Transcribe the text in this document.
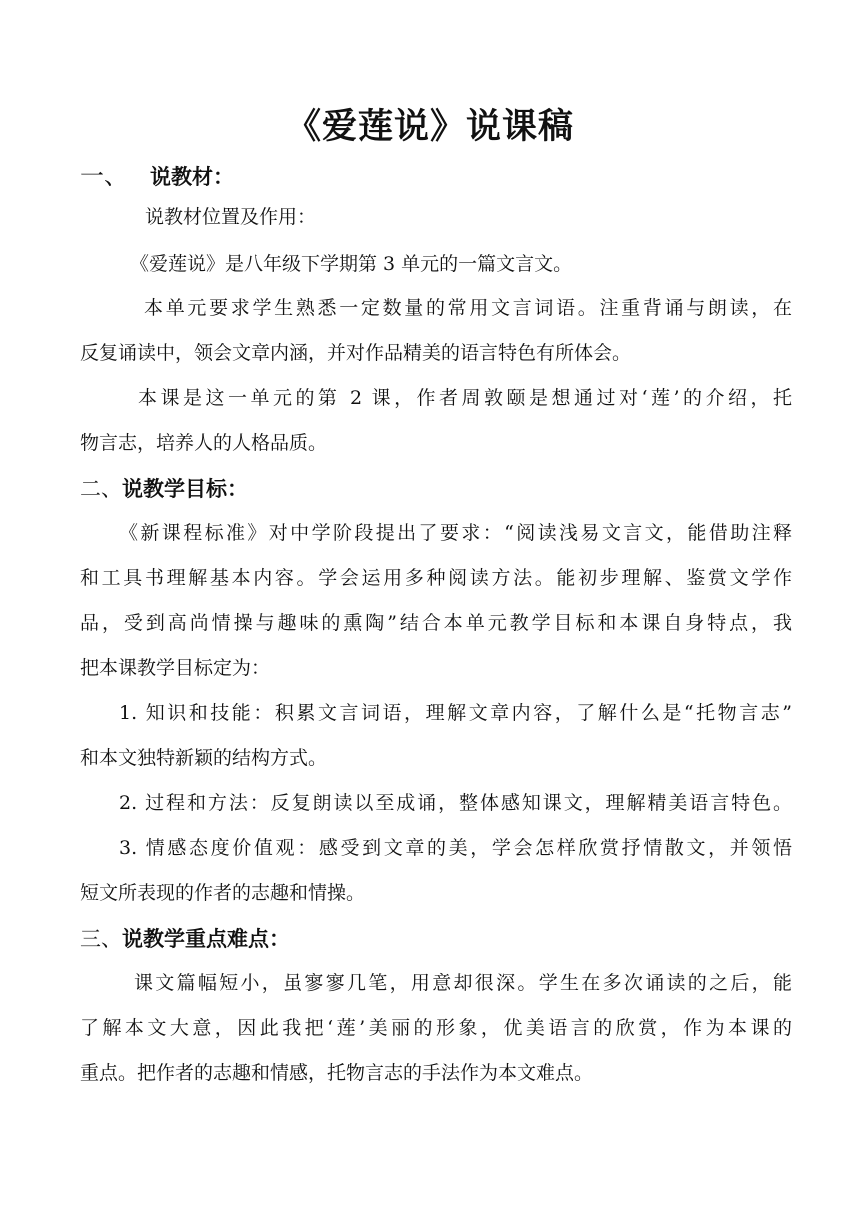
《爱莲说》说课稿
一、 说教材：
说教材位置及作用：
《爱莲说》是八年级下学期第 3 单元的一篇文言文。
本单元要求学生熟悉一定数量的常用文言词语。注重背诵与朗读，在
反复诵读中，领会文章内涵，并对作品精美的语言特色有所体会。
本课是这一单元的第 2 课，作者周敦颐是想通过对‘莲’的介绍，托
物言志，培养人的人格品质。
二、说教学目标：
《新课程标准》对中学阶段提出了要求：“阅读浅易文言文，能借助注释
和工具书理解基本内容。学会运用多种阅读方法。能初步理解、鉴赏文学作
品，受到高尚情操与趣味的熏陶”结合本单元教学目标和本课自身特点，我
把本课教学目标定为：
1. 知识和技能：积累文言词语，理解文章内容，了解什么是“托物言志”
和本文独特新颖的结构方式。
2. 过程和方法：反复朗读以至成诵，整体感知课文，理解精美语言特色。
3. 情感态度价值观：感受到文章的美，学会怎样欣赏抒情散文，并领悟
短文所表现的作者的志趣和情操。
三、说教学重点难点：
课文篇幅短小，虽寥寥几笔，用意却很深。学生在多次诵读的之后，能
了解本文大意，因此我把‘莲’美丽的形象，优美语言的欣赏，作为本课的
重点。把作者的志趣和情感，托物言志的手法作为本文难点。
